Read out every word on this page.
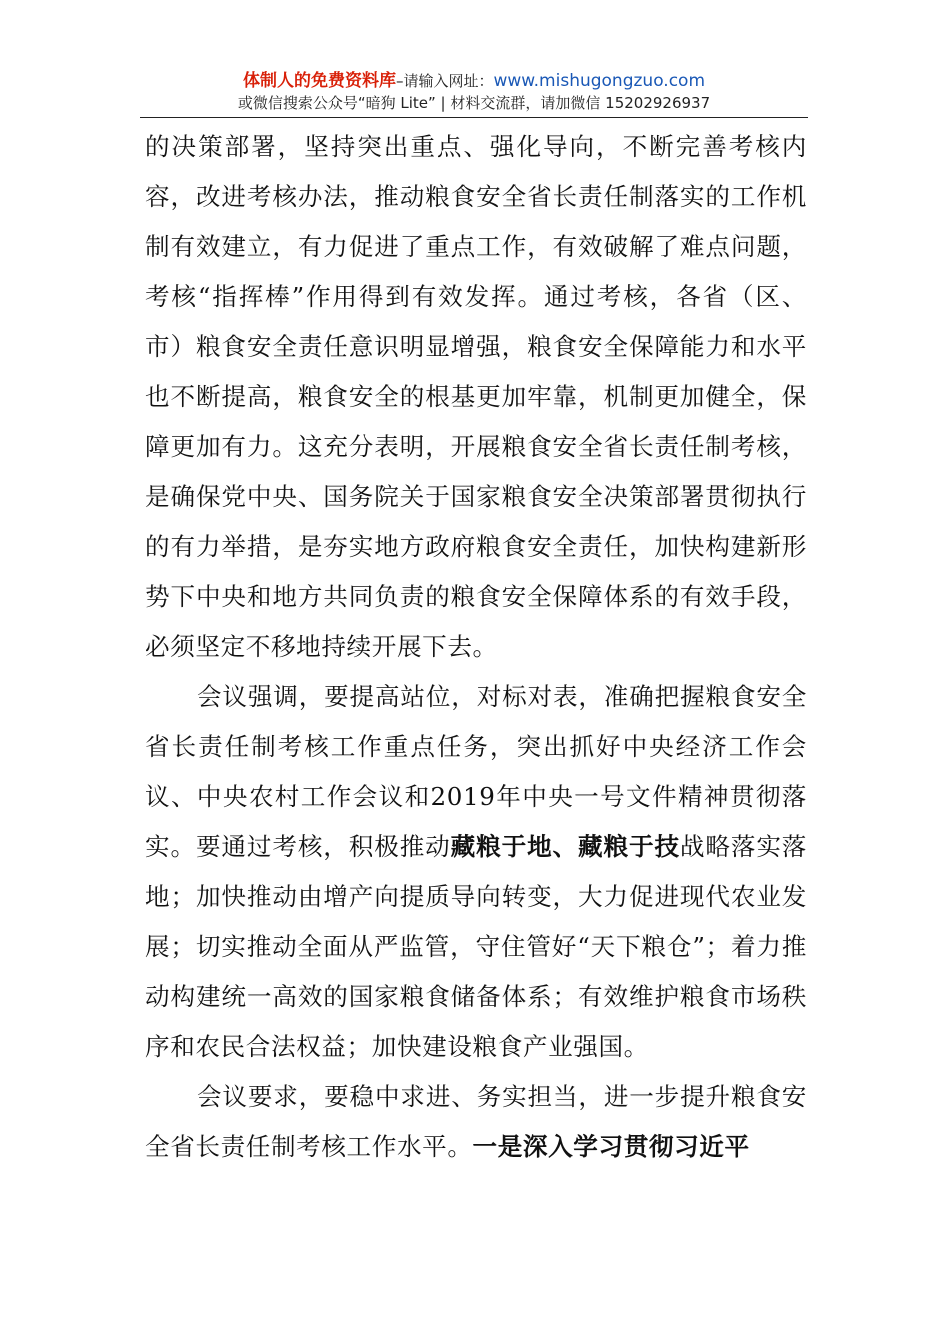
体制人的免费资料库–请输入网址：www.mishugongzuo.com
或微信搜索公众号“暗狗 Lite” | 材料交流群，请加微信 15202926937

的决策部署，坚持突出重点、强化导向，不断完善考核内容，改进考核办法，推动粮食安全省长责任制落实的工作机制有效建立，有力促进了重点工作，有效破解了难点问题，考核“指挥棒”作用得到有效发挥。通过考核，各省（区、市）粮食安全责任意识明显增强，粮食安全保障能力和水平也不断提高，粮食安全的根基更加牢靠，机制更加健全，保障更加有力。这充分表明，开展粮食安全省长责任制考核，是确保党中央、国务院关于国家粮食安全决策部署贯彻执行的有力举措，是夯实地方政府粮食安全责任，加快构建新形势下中央和地方共同负责的粮食安全保障体系的有效手段，必须坚定不移地持续开展下去。

会议强调，要提高站位，对标对表，准确把握粮食安全省长责任制考核工作重点任务，突出抓好中央经济工作会议、中央农村工作会议和2019年中央一号文件精神贯彻落实。要通过考核，积极推动藏粮于地、藏粮于技战略落实落地；加快推动由增产向提质导向转变，大力促进现代农业发展；切实推动全面从严监管，守住管好“天下粮仓”；着力推动构建统一高效的国家粮食储备体系；有效维护粮食市场秩序和农民合法权益；加快建设粮食产业强国。

会议要求，要稳中求进、务实担当，进一步提升粮食安全省长责任制考核工作水平。一是深入学习贯彻习近平
